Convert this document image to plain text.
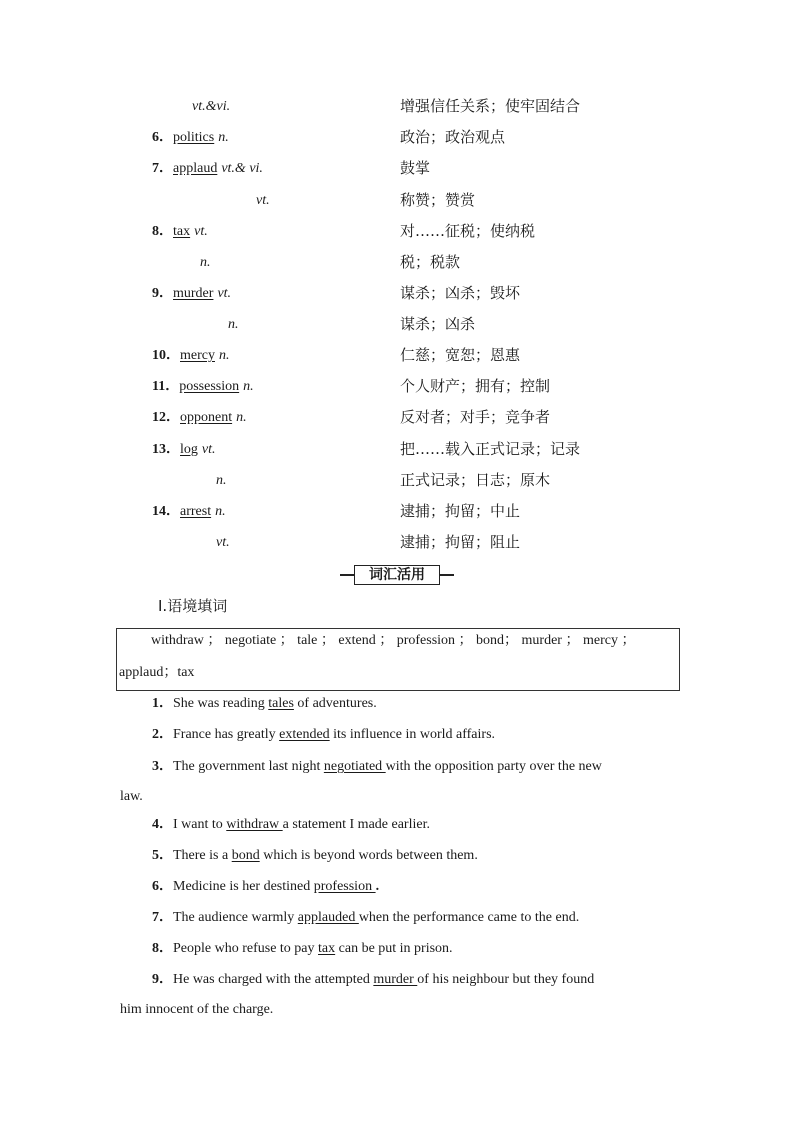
vt.&vi.	增强信任关系；使牢固结合
6．politics n.	政治；政治观点
7．applaud vt.& vi.	鼓掌
vt.	称赞；赞赏
8．tax vt.	对……征税；使纳税
n.	税；税款
9．murder vt.	谋杀；凶杀；毁坏
n.	谋杀；凶杀
10．mercy n.	仁慈；宽恕；恩惠
11．possession n.	个人财产；拥有；控制
12．opponent n.	反对者；对手；竞争者
13．log vt.	把……载入正式记录；记录
n.	正式记录；日志；原木
14．arrest n.	逮捕；拘留；中止
vt.	逮捕；拘留；阻止
词汇活用
Ⅰ.语境填词
withdraw ； negotiate ； tale ； extend ； profession ； bond； murder ； mercy ；
applaud；tax
1．She was reading tales of adventures.
2．France has greatly extended its influence in world affairs.
3．The government last night negotiated with the opposition party over the new
law.
4．I want to withdraw a statement I made earlier.
5．There is a bond which is beyond words between them.
6．Medicine is her destined profession .
7．The audience warmly applauded when the performance came to the end.
8．People who refuse to pay tax can be put in prison.
9．He was charged with the attempted murder of his neighbour but they found
him innocent of the charge.
